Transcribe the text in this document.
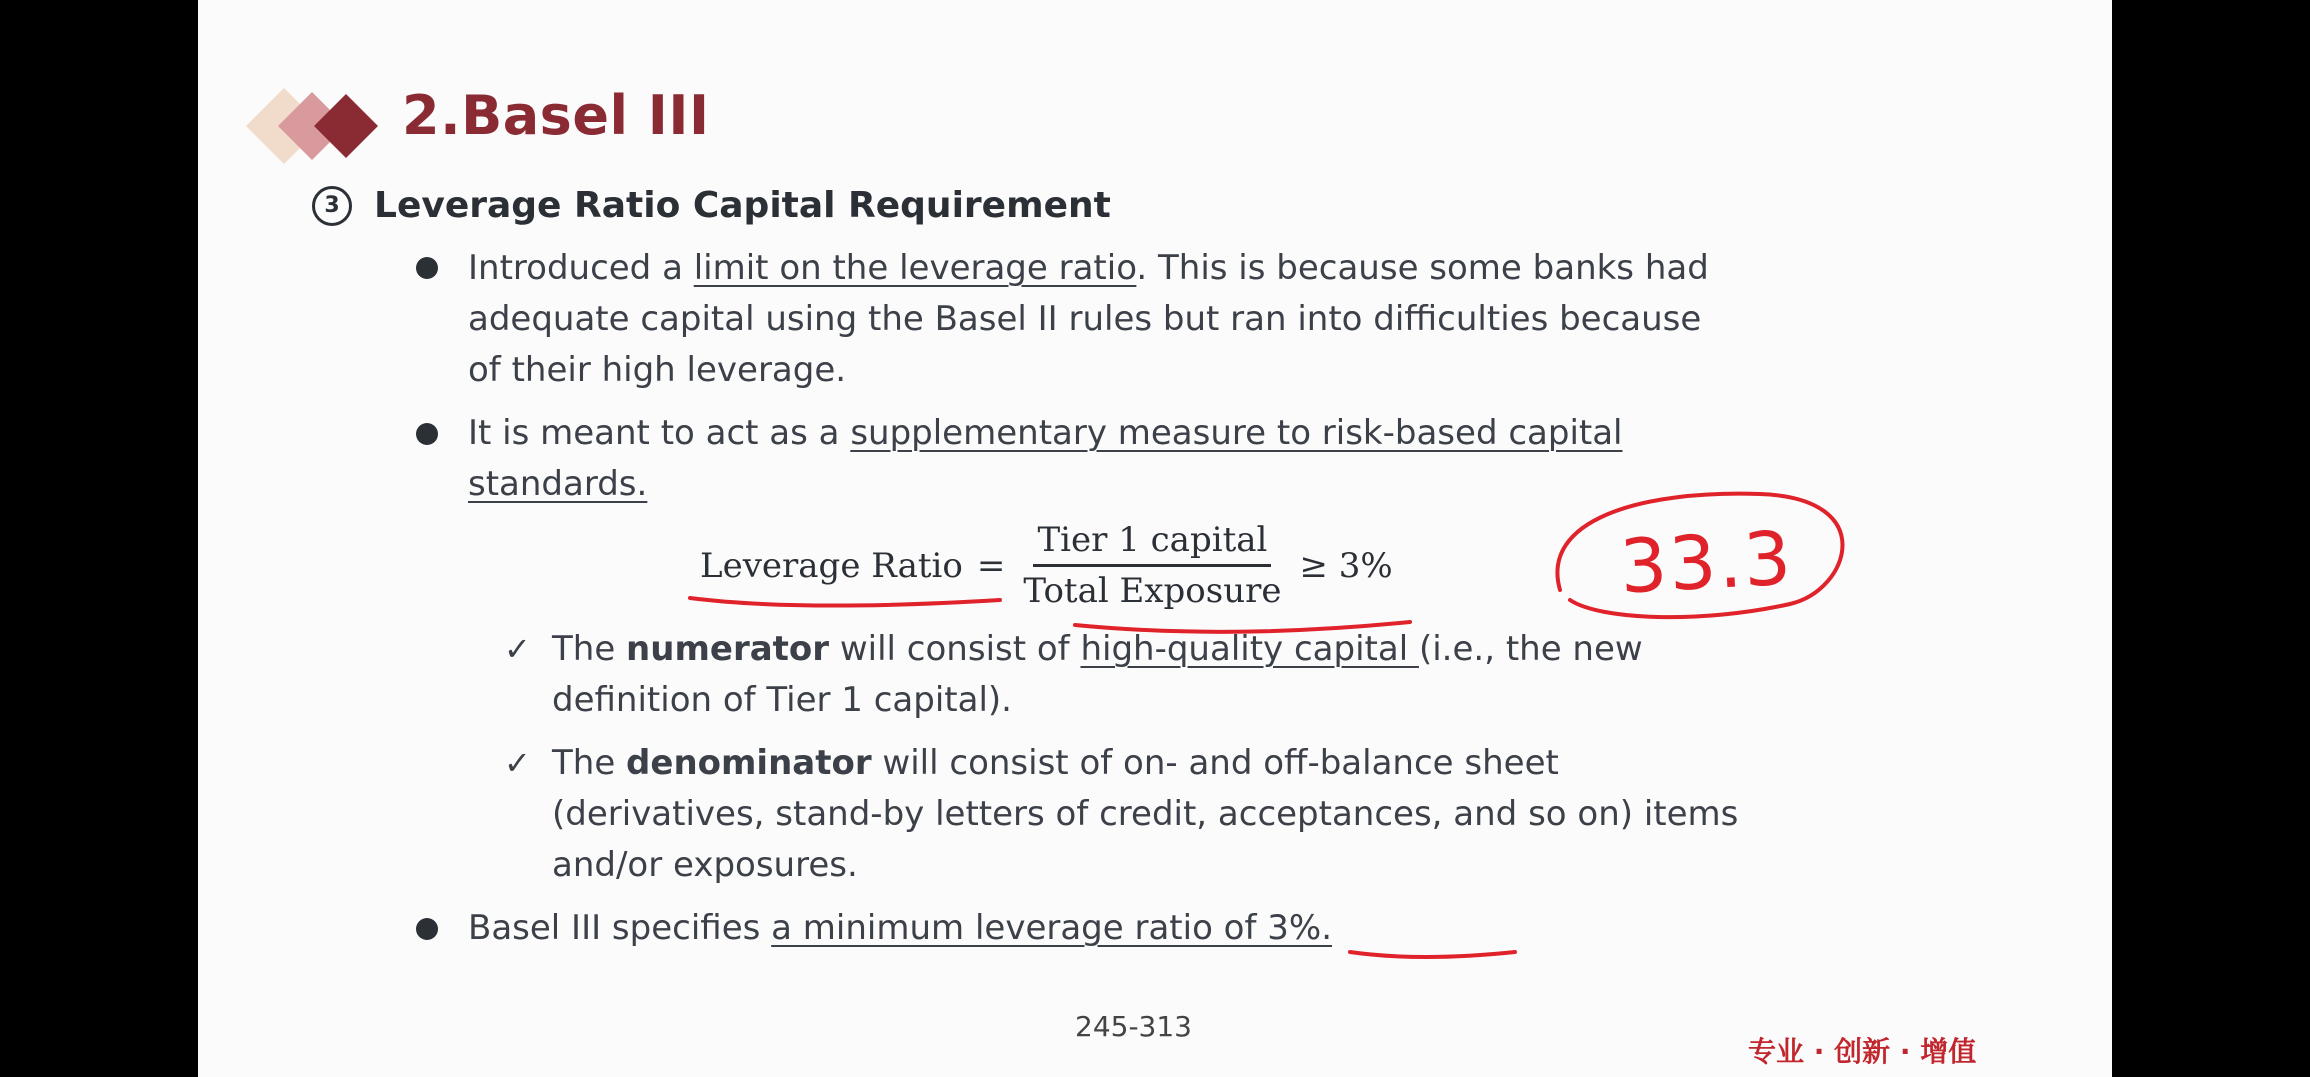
2.Basel III
3 Leverage Ratio Capital Requirement

Introduced a limit on the leverage ratio. This is because some banks had
adequate capital using the Basel II rules but ran into difficulties because
of their high leverage.

It is meant to act as a supplementary measure to risk-based capital
standards.

Leverage Ratio = $\frac{\text{Tier 1 capital}}{\text{Total Exposure}} \ge 3\%$
✓ The numerator will consist of high-quality capital (i.e., the new
definition of Tier 1 capital).

✓ The denominator will consist of on- and off-balance sheet
(derivatives, stand-by letters of credit, acceptances, and so on) items
and/or exposures.

Basel III specifies a minimum leverage ratio of 3%.

33.3
245-313
专业 · 创新 · 增值
